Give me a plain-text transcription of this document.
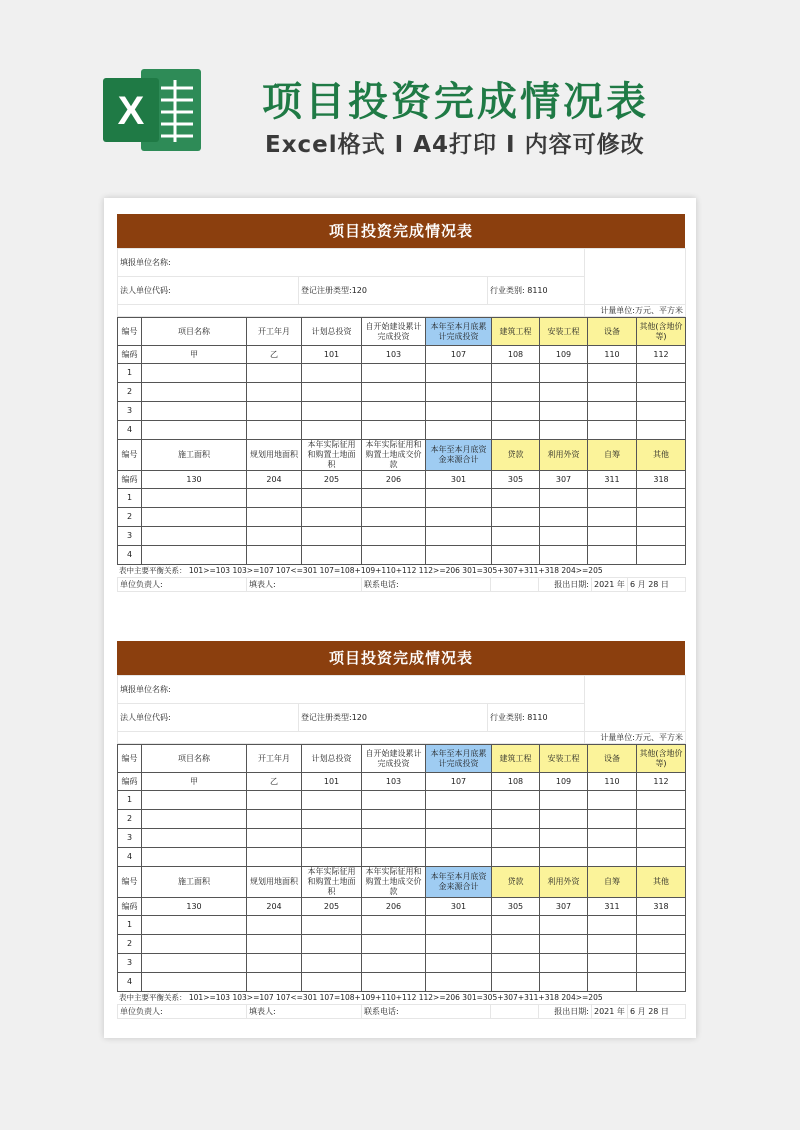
X	项目投资完成情况表
Excel格式 I A4打印 I 内容可修改
项目投资完成情况表
填报单位名称:			
法人单位代码:	登记注册类型:120	行业类别: 8110	
			计量单位:万元、平方米
编号	项目名称	开工年月	计划总投资	自开始建设累计完成投资	本年至本月底累计完成投资	建筑工程	安装工程	设备	其他(含地价等)
编码	甲	乙	101	103	107	108	109	110	112
1									
2									
3									
4									
编号	施工面积	规划用地面积	本年实际征用和购置土地面积	本年实际征用和购置土地成交价款	本年至本月底资金来源合计	贷款	利用外资	自筹	其他
编码	130	204	205	206	301	305	307	311	318
1									
2									
3									
4									
表中主要平衡关系： 101>=103 103>=107 107<=301 107=108+109+110+112 112>=206 301=305+307+311+318 204>=205
单位负责人:	填表人:	联系电话:		报出日期:	2021 年	6 月 28 日
项目投资完成情况表
填报单位名称:			
法人单位代码:	登记注册类型:120	行业类别: 8110	
			计量单位:万元、平方米
编号	项目名称	开工年月	计划总投资	自开始建设累计完成投资	本年至本月底累计完成投资	建筑工程	安装工程	设备	其他(含地价等)
编码	甲	乙	101	103	107	108	109	110	112
1									
2									
3									
4									
编号	施工面积	规划用地面积	本年实际征用和购置土地面积	本年实际征用和购置土地成交价款	本年至本月底资金来源合计	贷款	利用外资	自筹	其他
编码	130	204	205	206	301	305	307	311	318
1									
2									
3									
4									
表中主要平衡关系： 101>=103 103>=107 107<=301 107=108+109+110+112 112>=206 301=305+307+311+318 204>=205
单位负责人:	填表人:	联系电话:		报出日期:	2021 年	6 月 28 日
